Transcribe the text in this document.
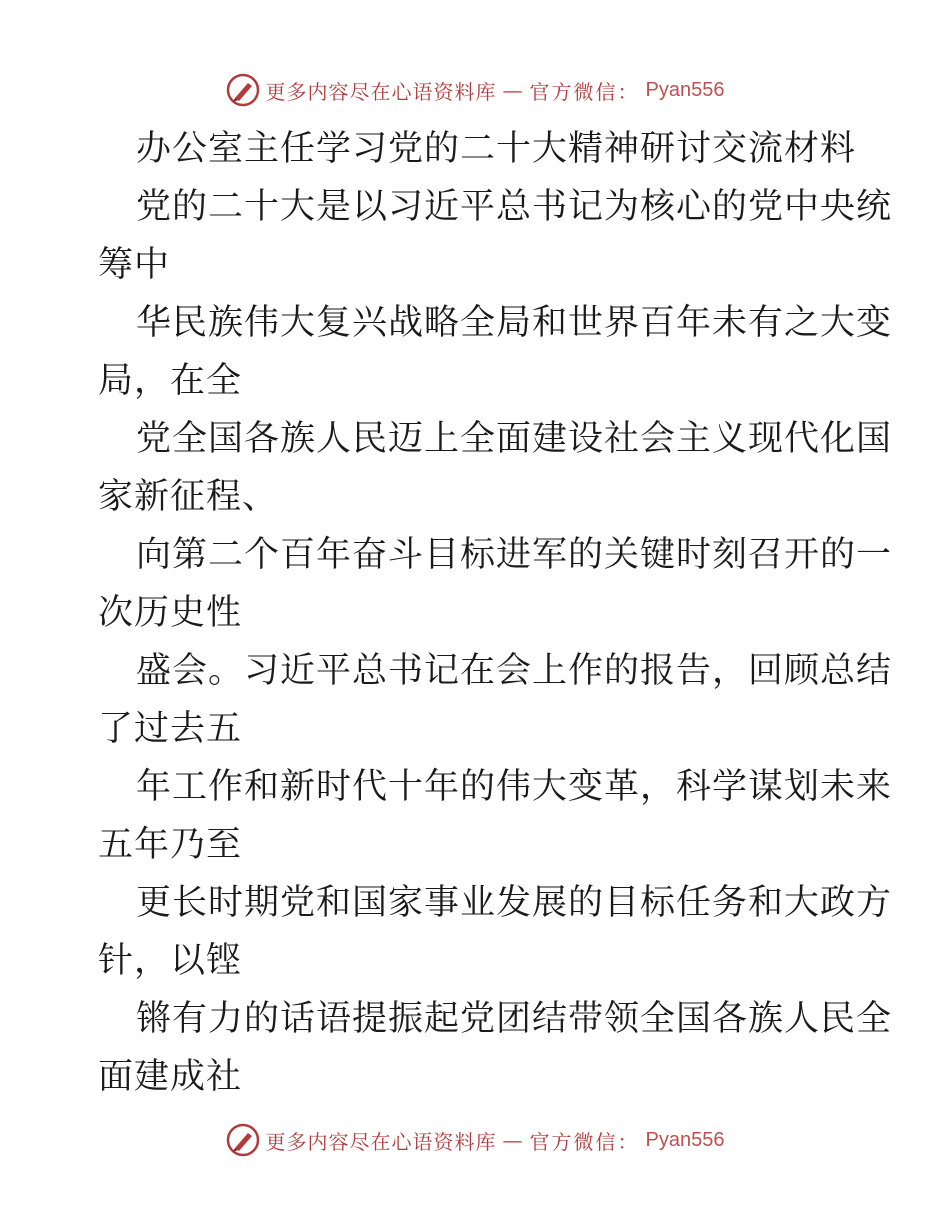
更多内容尽在心语资料库 — 官方微信： Pyan556

办公室主任学习党的二十大精神研讨交流材料

党的二十大是以习近平总书记为核心的党中央统

筹中

华民族伟大复兴战略全局和世界百年未有之大变

局，在全

党全国各族人民迈上全面建设社会主义现代化国

家新征程、

向第二个百年奋斗目标进军的关键时刻召开的一

次历史性

盛会。习近平总书记在会上作的报告，回顾总结

了过去五

年工作和新时代十年的伟大变革，科学谋划未来

五年乃至

更长时期党和国家事业发展的目标任务和大政方

针，以铿

锵有力的话语提振起党团结带领全国各族人民全

面建成社

更多内容尽在心语资料库 — 官方微信： Pyan556
